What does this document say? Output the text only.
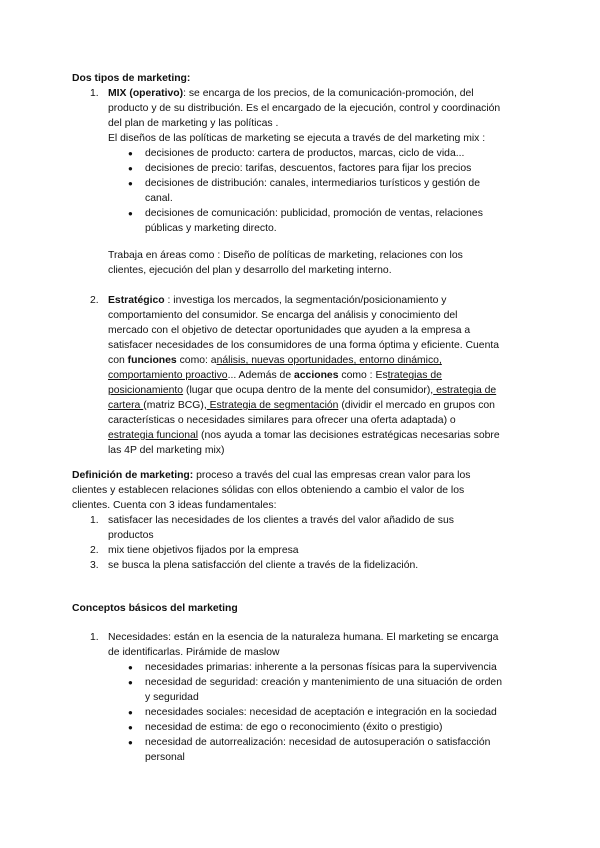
Dos tipos de marketing:
1. MIX (operativo): se encarga de los precios, de la comunicación-promoción, del
producto y de su distribución. Es el encargado de la ejecución, control y coordinación
del plan de marketing y las políticas .
El diseños de las políticas de marketing se ejecuta a través de del marketing mix :
● decisiones de producto: cartera de productos, marcas, ciclo de vida...
● decisiones de precio: tarifas, descuentos, factores para fijar los precios
● decisiones de distribución: canales, intermediarios turísticos y gestión de
canal.
● decisiones de comunicación: publicidad, promoción de ventas, relaciones
públicas y marketing directo.
Trabaja en áreas como : Diseño de políticas de marketing, relaciones con los
clientes, ejecución del plan y desarrollo del marketing interno.
2. Estratégico : investiga los mercados, la segmentación/posicionamiento y
comportamiento del consumidor. Se encarga del análisis y conocimiento del
mercado con el objetivo de detectar oportunidades que ayuden a la empresa a
satisfacer necesidades de los consumidores de una forma óptima y eficiente. Cuenta
con funciones como: análisis, nuevas oportunidades, entorno dinámico,
comportamiento proactivo... Además de acciones como : Estrategias de
posicionamiento (lugar que ocupa dentro de la mente del consumidor), estrategia de
cartera (matriz BCG), Estrategia de segmentación (dividir el mercado en grupos con
características o necesidades similares para ofrecer una oferta adaptada) o
estrategia funcional (nos ayuda a tomar las decisiones estratégicas necesarias sobre
las 4P del marketing mix)
Definición de marketing: proceso a través del cual las empresas crean valor para los
clientes y establecen relaciones sólidas con ellos obteniendo a cambio el valor de los
clientes. Cuenta con 3 ideas fundamentales:
1. satisfacer las necesidades de los clientes a través del valor añadido de sus
productos
2. mix tiene objetivos fijados por la empresa
3. se busca la plena satisfacción del cliente a través de la fidelización.
Conceptos básicos del marketing
1. Necesidades: están en la esencia de la naturaleza humana. El marketing se encarga
de identificarlas. Pirámide de maslow
● necesidades primarias: inherente a la personas físicas para la supervivencia
● necesidad de seguridad: creación y mantenimiento de una situación de orden
y seguridad
● necesidades sociales: necesidad de aceptación e integración en la sociedad
● necesidad de estima: de ego o reconocimiento (éxito o prestigio)
● necesidad de autorrealización: necesidad de autosuperación o satisfacción
personal
